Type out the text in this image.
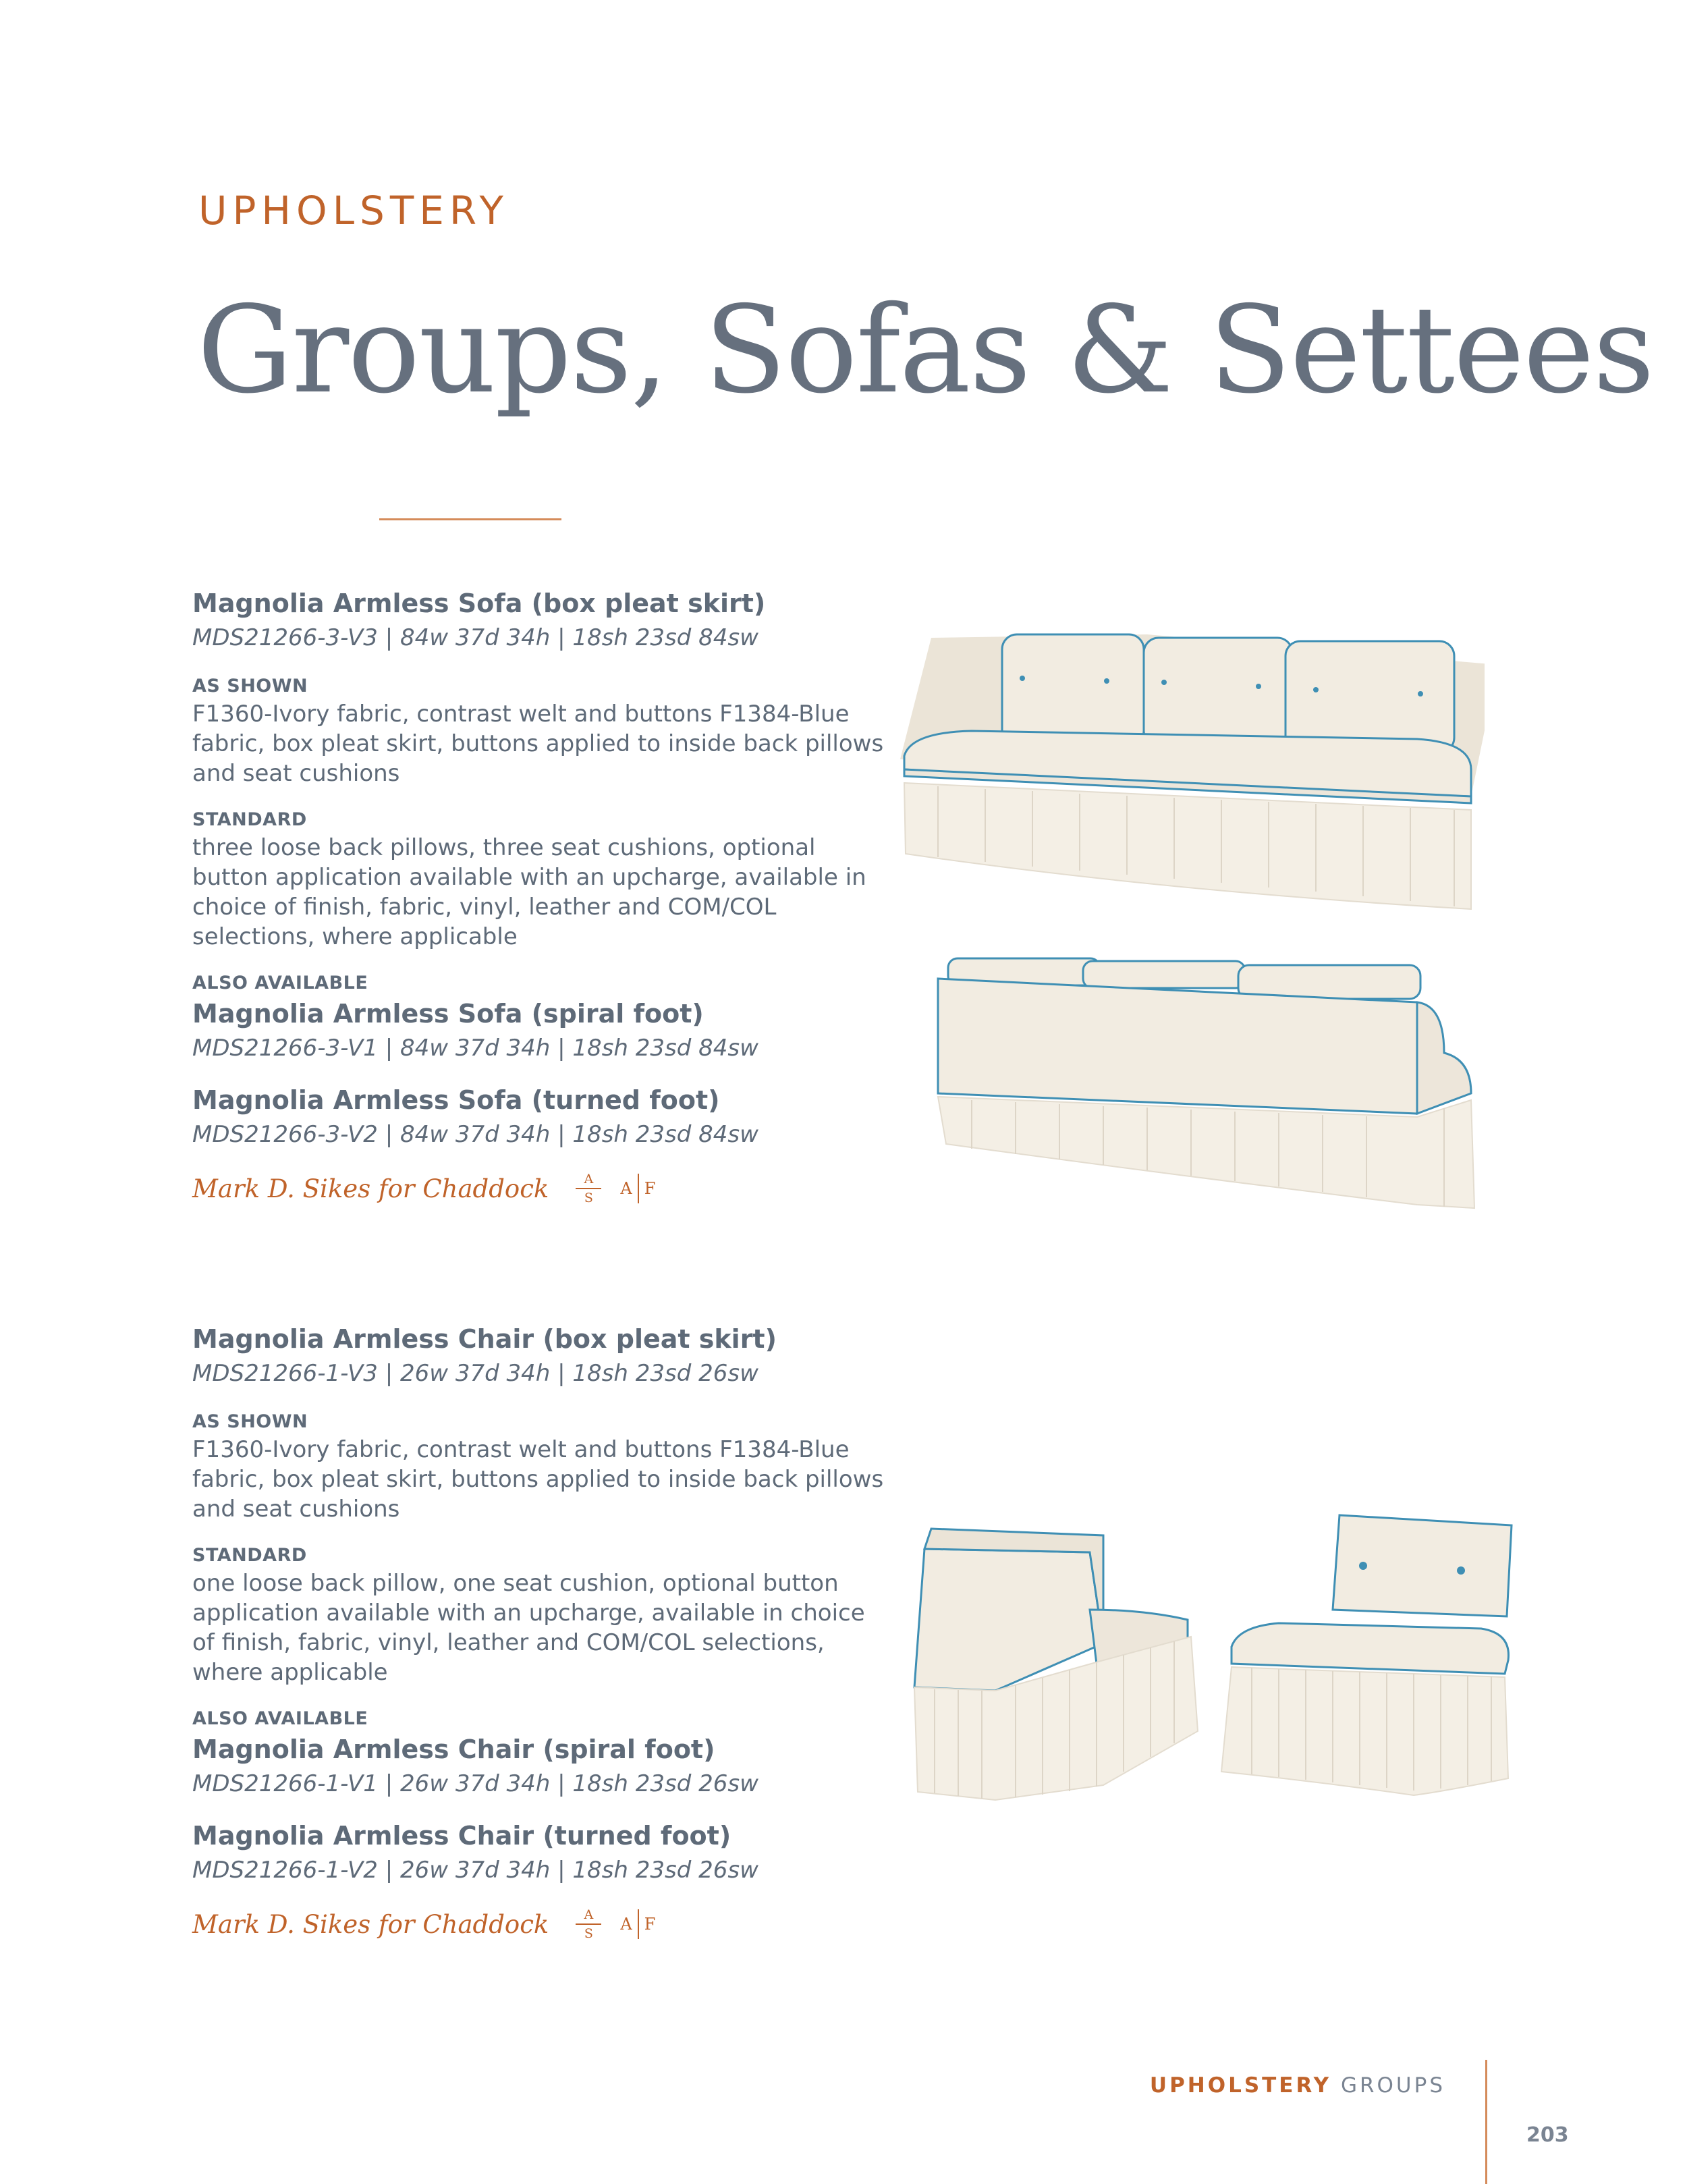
UPHOLSTERY
Groups, Sofas & Settees
Magnolia Armless Sofa (box pleat skirt)
MDS21266-3-V3 | 84w 37d 34h | 18sh 23sd 84sw
AS SHOWN
F1360-Ivory fabric, contrast welt and buttons F1384-Blue fabric, box pleat skirt, buttons applied to inside back pillows and seat cushions
STANDARD
three loose back pillows, three seat cushions, optional button application available with an upcharge, available in choice of finish, fabric, vinyl, leather and COM/COL selections, where applicable
ALSO AVAILABLE
Magnolia Armless Sofa (spiral foot)
MDS21266-3-V1 | 84w 37d 34h | 18sh 23sd 84sw
Magnolia Armless Sofa (turned foot)
MDS21266-3-V2 | 84w 37d 34h | 18sh 23sd 84sw
Mark D. Sikes for Chaddock	A
S A F
Magnolia Armless Chair (box pleat skirt)
MDS21266-1-V3 | 26w 37d 34h | 18sh 23sd 26sw
AS SHOWN
F1360-Ivory fabric, contrast welt and buttons F1384-Blue fabric, box pleat skirt, buttons applied to inside back pillows and seat cushions
STANDARD
one loose back pillow, one seat cushion, optional button application available with an upcharge, available in choice of finish, fabric, vinyl, leather and COM/COL selections, where applicable
ALSO AVAILABLE
Magnolia Armless Chair (spiral foot)
MDS21266-1-V1 | 26w 37d 34h | 18sh 23sd 26sw
Magnolia Armless Chair (turned foot)
MDS21266-1-V2 | 26w 37d 34h | 18sh 23sd 26sw
Mark D. Sikes for Chaddock	A
S A F
UPHOLSTERY GROUPS
203
